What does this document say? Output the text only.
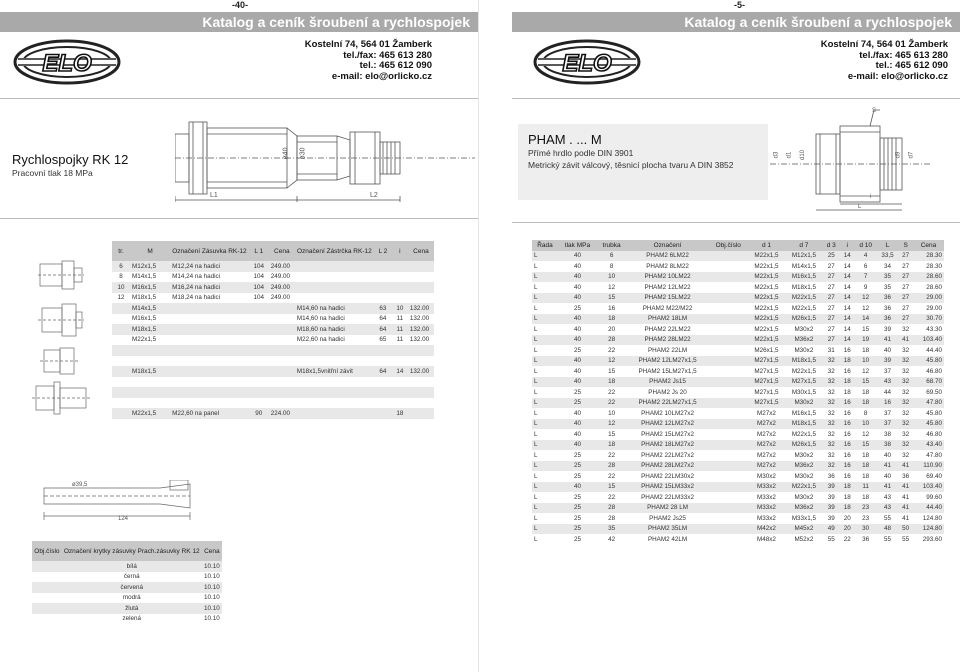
-40-
Katalog a ceník šroubení a rychlospojek
ELO
Kostelní 74, 564 01 Žamberk
tel./fax: 465 613 280
tel.: 465 612 090
e-mail: elo@orlicko.cz
Rychlospojky RK 12
Pracovní tlak 18 MPa
L1	L2
ø40 ø30
tr.	M	Označení Zásuvka RK-12	L 1	Cena	Označení Zástrčka RK-12	L 2	i	Cena
6	M12x1,5	M12,24 na hadici	104	249.00				
8	M14x1,5	M14,24 na hadici	104	249.00				
10	M16x1,5	M16,24 na hadici	104	249.00				
12	M18x1,5	M18,24 na hadici	104	249.00				
	M14x1,5				M14,60 na hadici	63	10	132.00
	M16x1,5				M14,60 na hadici	64	11	132.00
	M18x1,5				M18,60 na hadici	64	11	132.00
	M22x1,5				M22,60 na hadici	65	11	132.00

	M18x1,5				M18x1,5vnitřní závit	64	14	132.00

	M22x1,5	M22,60 na panel	90	224.00			18	
ø39,5
124
Obj.číslo	Označení krytky zásuvky Prach.zásuvky RK 12	Cena
	bílá	10.10
	černá	10.10
	červená	10.10
	modrá	10.10
	žlutá	10.10
	zelená	10.10
-5-
Katalog a ceník šroubení a rychlospojek
ELO
Kostelní 74, 564 01 Žamberk
tel./fax: 465 613 280
tel.: 465 612 090
e-mail: elo@orlicko.cz
PHAM . ... M
Přímé hrdlo podle DIN 3901
Metrický závit válcový, těsnicí plocha tvaru A DIN 3852
S
d3 d1 d10	d9 d7
i
L
Řada	tlak MPa	trubka	Označení	Obj.číslo	d 1	d 7	d 3	i	d 10	L	S	Cena
L	40	6	PHAM2 6LM22		M22x1,5	M12x1,5	25	14	4	33,5	27	28.30
L	40	8	PHAM2 8LM22		M22x1,5	M14x1,5	27	14	6	34	27	28.30
L	40	10	PHAM2 10LM22		M22x1,5	M16x1,5	27	14	7	35	27	28.60
L	40	12	PHAM2 12LM22		M22x1,5	M18x1,5	27	14	9	35	27	28.60
L	40	15	PHAM2 15LM22		M22x1,5	M22x1,5	27	14	12	36	27	29.00
L	25	16	PHAM2 M22/M22		M22x1,5	M22x1,5	27	14	12	36	27	29.00
L	40	18	PHAM2 18LM		M22x1,5	M26x1,5	27	14	14	36	27	30.70
L	40	20	PHAM2 22LM22		M22x1,5	M30x2	27	14	15	39	32	43.30
L	40	28	PHAM2 28LM22		M22x1,5	M36x2	27	14	19	41	41	103.40
L	25	22	PHAM2 22LM		M26x1,5	M30x2	31	16	18	40	32	44.40
L	40	12	PHAM2 12LM27x1,5		M27x1,5	M18x1,5	32	18	10	39	32	45.80
L	40	15	PHAM2 15LM27x1,5		M27x1,5	M22x1,5	32	16	12	37	32	46.80
L	40	18	PHAM2 Js15		M27x1,5	M27x1,5	32	18	15	43	32	68.70
L	25	22	PHAM2 Js 20		M27x1,5	M30x1,5	32	18	18	44	32	69.50
L	25	22	PHAM2 22LM27x1,5		M27x1,5	M30x2	32	16	18	16	32	47.80
L	40	10	PHAM2 10LM27x2		M27x2	M16x1,5	32	16	8	37	32	45.80
L	40	12	PHAM2 12LM27x2		M27x2	M18x1,5	32	16	10	37	32	45.80
L	40	15	PHAM2 15LM27x2		M27x2	M22x1,5	32	16	12	38	32	46.80
L	40	18	PHAM2 18LM27x2		M27x2	M26x1,5	32	16	15	38	32	43.40
L	25	22	PHAM2 22LM27x2		M27x2	M30x2	32	16	18	40	32	47.80
L	25	28	PHAM2 28LM27x2		M27x2	M36x2	32	16	18	41	41	110.90
L	25	22	PHAM2 22LM30x2		M30x2	M30x2	36	16	18	40	36	69.40
L	40	15	PHAM2 15LM33x2		M33x2	M22x1,5	39	18	11	41	41	103.40
L	25	22	PHAM2 22LM33x2		M33x2	M30x2	39	18	18	43	41	99.60
L	25	28	PHAM2 28 LM		M33x2	M36x2	39	18	23	43	41	44.40
L	25	28	PHAM2 Js25		M33x2	M33x1,5	39	20	23	55	41	124.80
L	25	35	PHAM2 35LM		M42x2	M45x2	49	20	30	48	50	124.80
L	25	42	PHAM2 42LM		M48x2	M52x2	55	22	36	55	55	293.60
